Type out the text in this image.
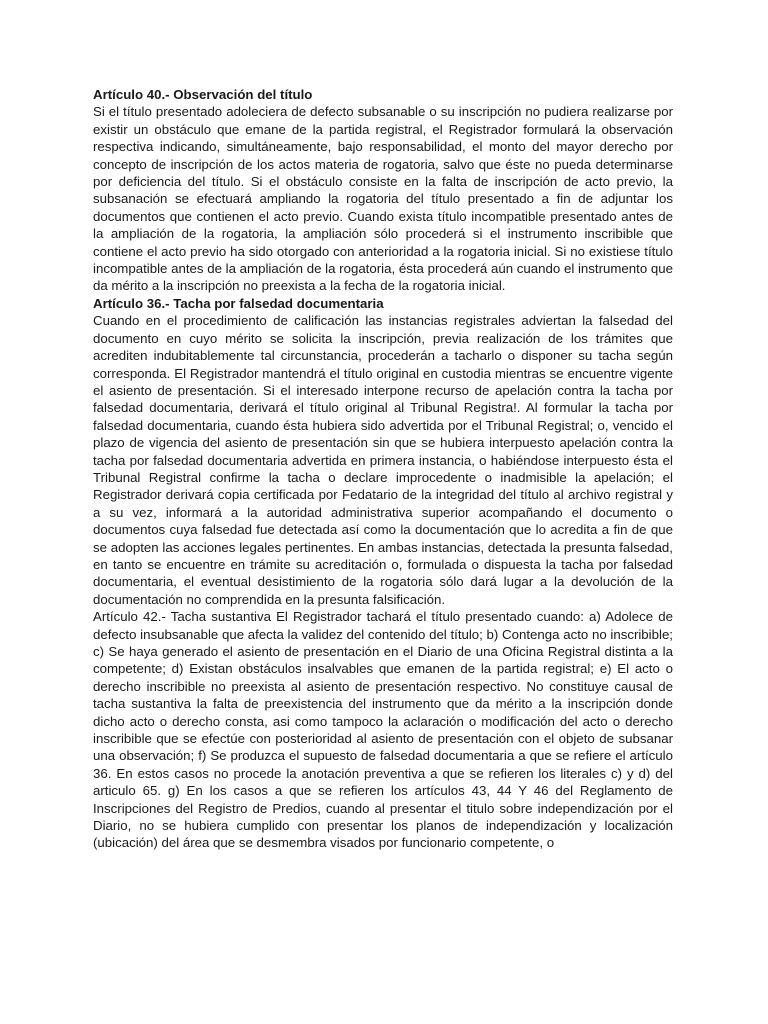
Artículo 40.- Observación del título

Si el título presentado adoleciera de defecto subsanable o su inscripción no pudiera realizarse por existir un obstáculo que emane de la partida registral, el Registrador formulará la observación respectiva indicando, simultáneamente, bajo responsabilidad, el monto del mayor derecho por concepto de inscripción de los actos materia de rogatoria, salvo que éste no pueda determinarse por deficiencia del título. Si el obstáculo consiste en la falta de inscripción de acto previo, la subsanación se efectuará ampliando la rogatoria del título presentado a fin de adjuntar los documentos que contienen el acto previo. Cuando exista título incompatible presentado antes de la ampliación de la rogatoria, la ampliación sólo procederá si el instrumento inscribible que contiene el acto previo ha sido otorgado con anterioridad a la rogatoria inicial. Si no existiese título incompatible antes de la ampliación de la rogatoria, ésta procederá aún cuando el instrumento que da mérito a la inscripción no preexista a la fecha de la rogatoria inicial.

Artículo 36.- Tacha por falsedad documentaria

Cuando en el procedimiento de calificación las instancias registrales adviertan la falsedad del documento en cuyo mérito se solicita la inscripción, previa realización de los trámites que acrediten indubitablemente tal circunstancia, procederán a tacharlo o disponer su tacha según corresponda. El Registrador mantendrá el título original en custodia mientras se encuentre vigente el asiento de presentación. Si el interesado interpone recurso de apelación contra la tacha por falsedad documentaria, derivará el título original al Tribunal Registra!. Al formular la tacha por falsedad documentaria, cuando ésta hubiera sido advertida por el Tribunal Registral; o, vencido el plazo de vigencia del asiento de presentación sin que se hubiera interpuesto apelación contra la tacha por falsedad documentaria advertida en primera instancia, o habiéndose interpuesto ésta el Tribunal Registral confirme la tacha o declare improcedente o inadmisible la apelación; el Registrador derivará copia certificada por Fedatario de la integridad del título al archivo registral y a su vez, informará a la autoridad administrativa superior acompañando el documento o documentos cuya falsedad fue detectada así como la documentación que lo acredita a fin de que se adopten las acciones legales pertinentes. En ambas instancias, detectada la presunta falsedad, en tanto se encuentre en trámite su acreditación o, formulada o dispuesta la tacha por falsedad documentaria, el eventual desistimiento de la rogatoria sólo dará lugar a la devolución de la documentación no comprendida en la presunta falsificación.

Artículo 42.- Tacha sustantiva El Registrador tachará el título presentado cuando: a) Adolece de defecto insubsanable que afecta la validez del contenido del título; b) Contenga acto no inscribible; c) Se haya generado el asiento de presentación en el Diario de una Oficina Registral distinta a la competente; d) Existan obstáculos insalvables que emanen de la partida registral; e) El acto o derecho inscribible no preexista al asiento de presentación respectivo. No constituye causal de tacha sustantiva la falta de preexistencia del instrumento que da mérito a la inscripción donde dicho acto o derecho consta, asi como tampoco la aclaración o modificación del acto o derecho inscribible que se efectúe con posterioridad al asiento de presentación con el objeto de subsanar una observación; f) Se produzca el supuesto de falsedad documentaria a que se refiere el artículo 36. En estos casos no procede la anotación preventiva a que se refieren los literales c) y d) del articulo 65. g) En los casos a que se refieren los artículos 43, 44 Y 46 del Reglamento de Inscripciones del Registro de Predios, cuando al presentar el titulo sobre independización por el Diario, no se hubiera cumplido con presentar los planos de independización y localización (ubicación) del área que se desmembra visados por funcionario competente, o
